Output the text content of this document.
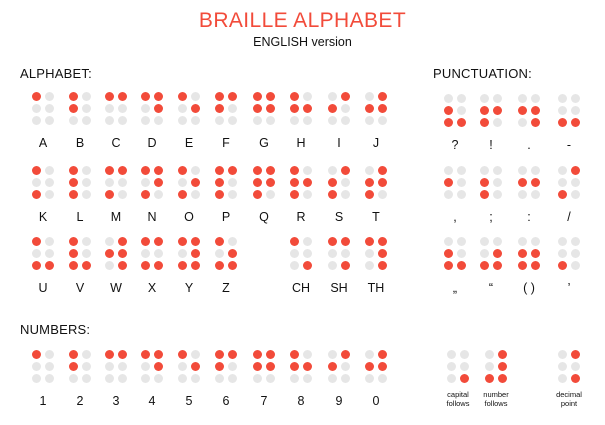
BRAILLE ALPHABET
ENGLISH version
ALPHABET:	PUNCTUATION:
NUMBERS:
A	B	C	D	E	F	G	H	I	J
K	L	M	N	O	P	Q	R	S	T
U	V	W	X	Y	Z	CH	SH	TH
?	!	.	-
,	;	:	/
„	“	( )	’
1	2	3	4	5	6	7	8	9	0	capital
follows
number
follows
decimal
point
